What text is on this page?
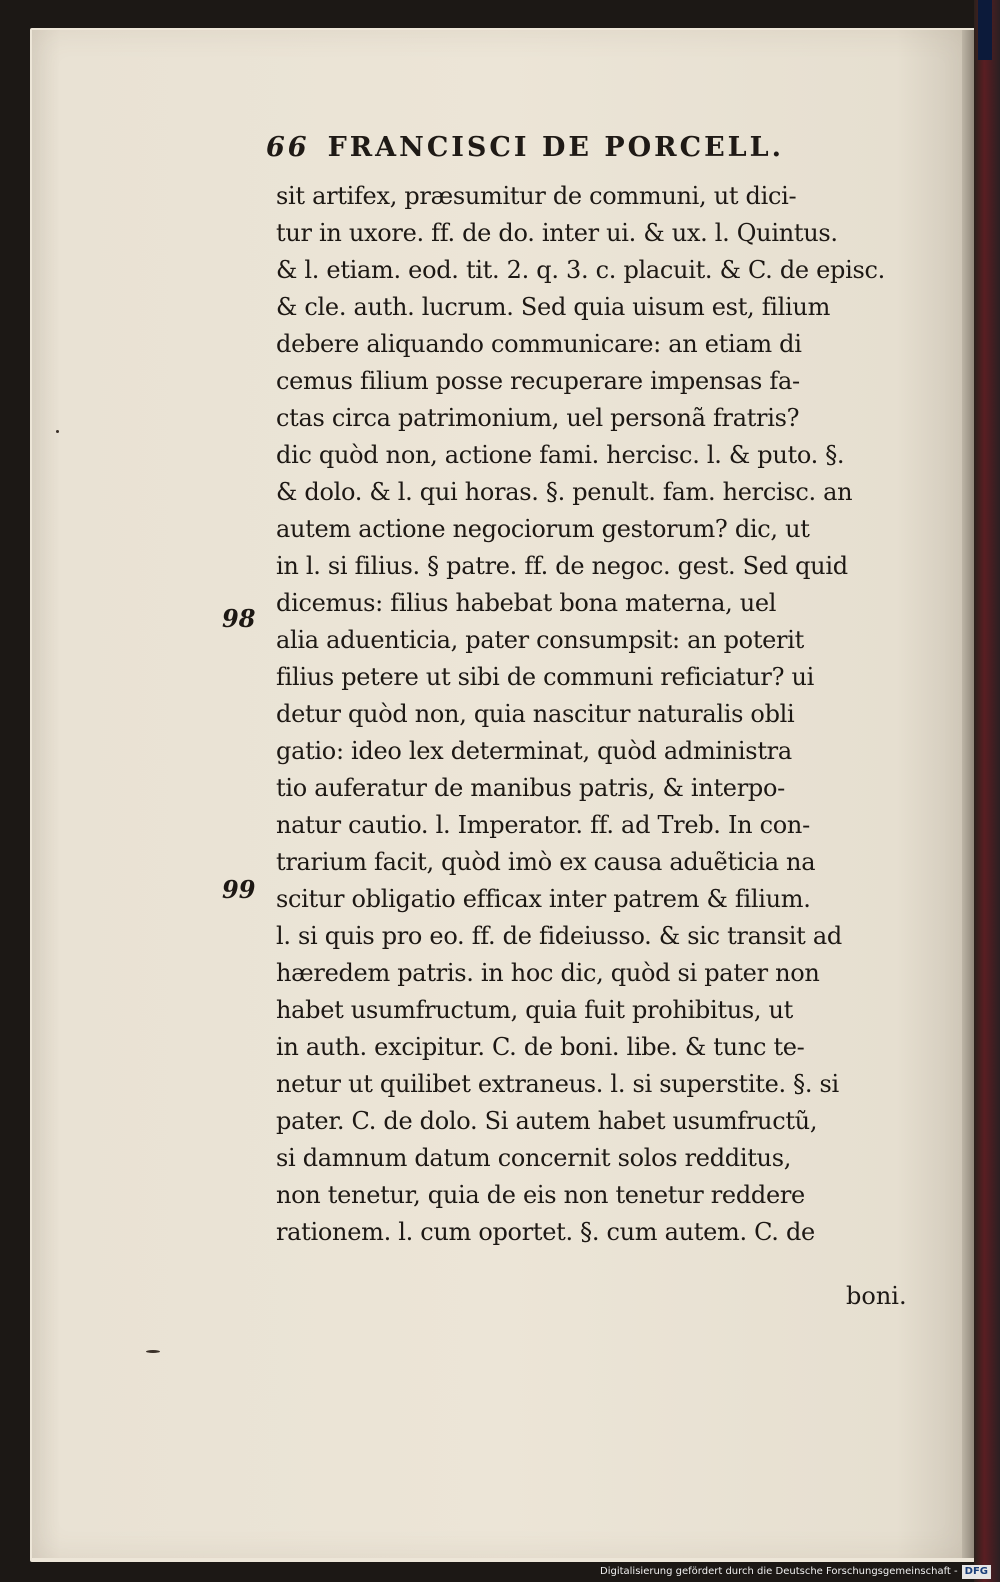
66 FRANCISCI DE PORCELL.
98
99
sit artifex, præsumitur de communi, ut dici-
tur in uxore. ff. de do. inter ui. & ux. l. Quintus.
& l. etiam. eod. tit. 2. q. 3. c. placuit. & C. de episc.
& cle. auth. lucrum. Sed quia uisum est, filium
debere aliquando communicare: an etiam di
cemus filium posse recuperare impensas fa-
ctas circa patrimonium, uel personã fratris?
dic quòd non, actione fami. hercisc. l. & puto. §.
& dolo. & l. qui horas. §. penult. fam. hercisc. an
autem actione negociorum gestorum? dic, ut
in l. si filius. § patre. ff. de negoc. gest. Sed quid
dicemus: filius habebat bona materna, uel
alia aduenticia, pater consumpsit: an poterit
filius petere ut sibi de communi reficiatur? ui
detur quòd non, quia nascitur naturalis obli
gatio: ideo lex determinat, quòd administra
tio auferatur de manibus patris, & interpo-
natur cautio. l. Imperator. ff. ad Treb. In con-
trarium facit, quòd imò ex causa aduẽticia na
scitur obligatio efficax inter patrem & filium.
l. si quis pro eo. ff. de fideiusso. & sic transit ad
hæredem patris. in hoc dic, quòd si pater non
habet usumfructum, quia fuit prohibitus, ut
in auth. excipitur. C. de boni. libe. & tunc te-
netur ut quilibet extraneus. l. si superstite. §. si
pater. C. de dolo. Si autem habet usumfructũ,
si damnum datum concernit solos redditus,
non tenetur, quia de eis non tenetur reddere
rationem. l. cum oportet. §. cum autem. C. de
boni.
Digitalisierung gefördert durch die Deutsche Forschungsgemeinschaft - DFG
